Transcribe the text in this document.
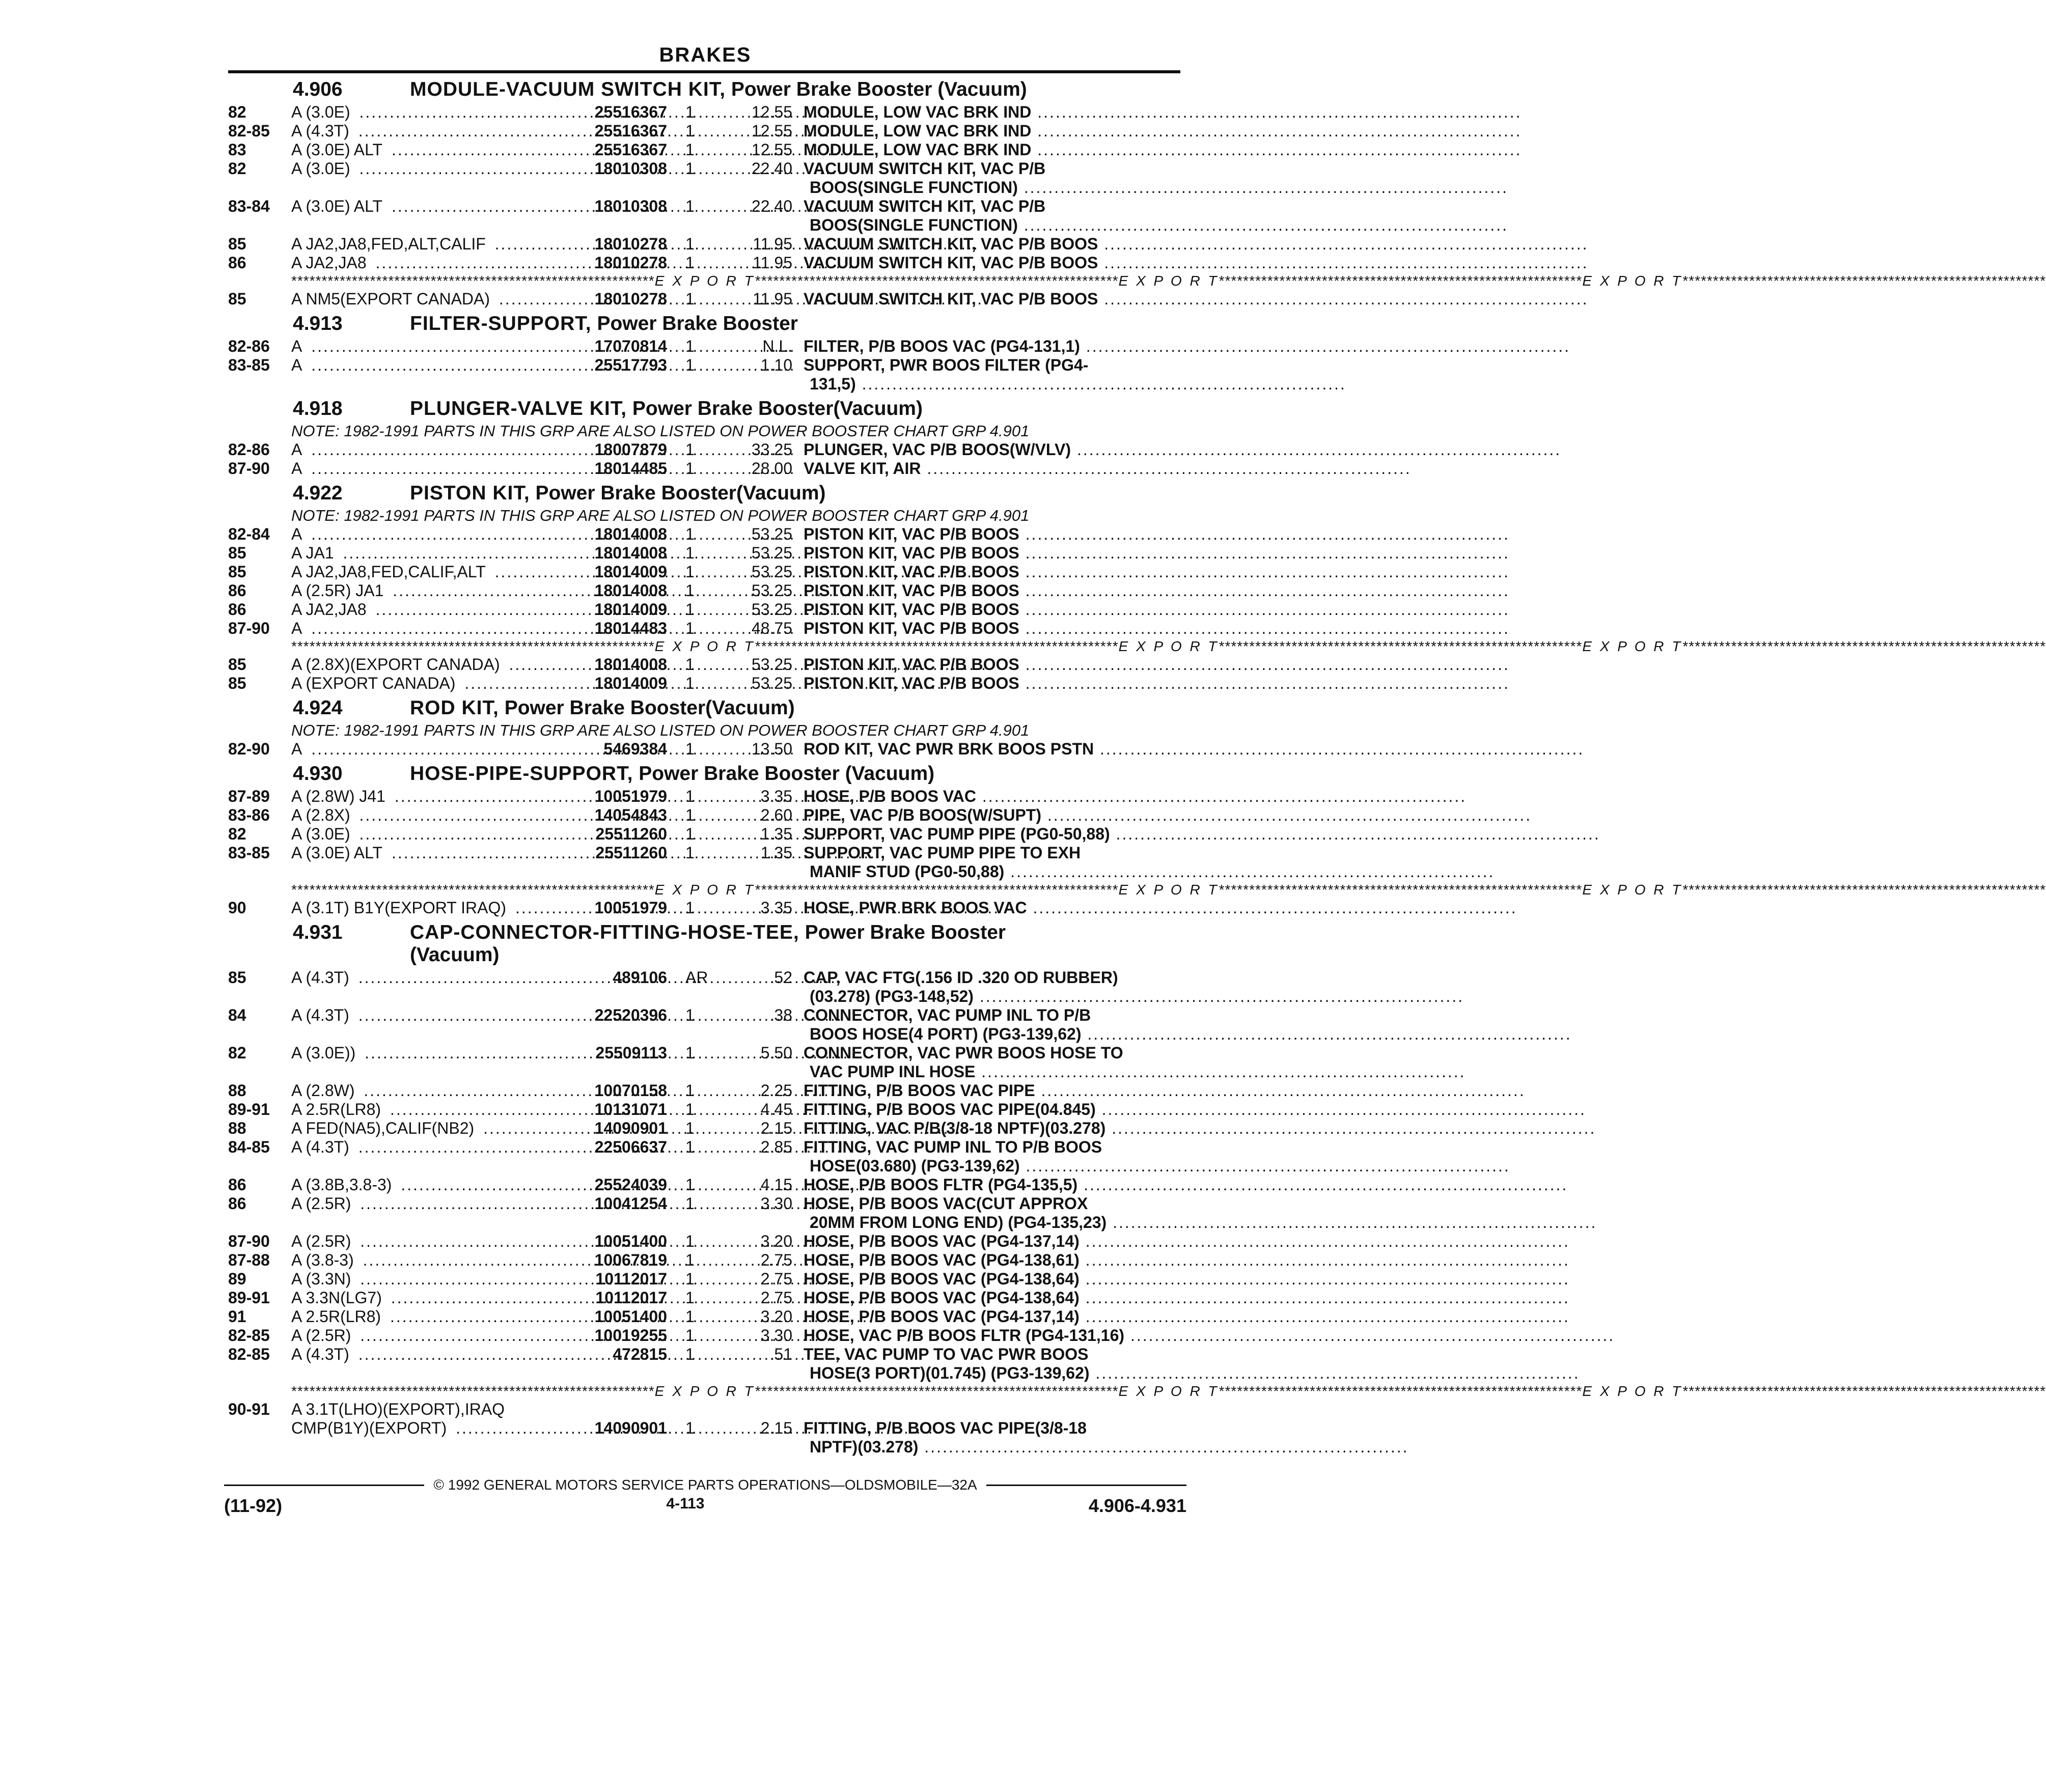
BRAKES
4.906	MODULE-VACUUM SWITCH KIT, Power Brake Booster (Vacuum)
82	A (3.0E) .....	25516367	1	12.55 MODULE, LOW VAC BRK IND .....
82-85	A (4.3T) .....	25516367	1	12.55 MODULE, LOW VAC BRK IND .....
83	A (3.0E) ALT .....	25516367	1	12.55 MODULE, LOW VAC BRK IND .....
82	A (3.0E) .....	18010308	1	22.40 VACUUM SWITCH KIT, VAC P/B
BOOS(SINGLE FUNCTION) .....
83-84	A (3.0E) ALT .....	18010308	1	22.40 VACUUM SWITCH KIT, VAC P/B
BOOS(SINGLE FUNCTION) .....
85	A JA2,JA8,FED,ALT,CALIF .....	18010278	1	11.95 VACUUM SWITCH KIT, VAC P/B BOOS .....
86	A JA2,JA8 .....	18010278	1	11.95 VACUUM SWITCH KIT, VAC P/B BOOS .....
************************************************************ E X P O R T ************************************************************ E X P O R T ************************************************************ E X P O R T ************************************************************
85	A NM5(EXPORT CANADA) .....	18010278	1	11.95 VACUUM SWITCH KIT, VAC P/B BOOS .....
4.913	FILTER-SUPPORT, Power Brake Booster
82-86	A .....	17070814	1	N.L. FILTER, P/B BOOS VAC (PG4-131,1) .....
83-85	A .....	25517793	1	1.10 SUPPORT, PWR BOOS FILTER (PG4-
131,5) .....
4.918	PLUNGER-VALVE KIT, Power Brake Booster(Vacuum)
NOTE: 1982-1991 PARTS IN THIS GRP ARE ALSO LISTED ON POWER BOOSTER CHART GRP 4.901
82-86	A .....	18007879	1	33.25 PLUNGER, VAC P/B BOOS(W/VLV) .....
87-90	A .....	18014485	1	28.00 VALVE KIT, AIR .....
4.922	PISTON KIT, Power Brake Booster(Vacuum)
NOTE: 1982-1991 PARTS IN THIS GRP ARE ALSO LISTED ON POWER BOOSTER CHART GRP 4.901
82-84	A .....	18014008	1	53.25 PISTON KIT, VAC P/B BOOS .....
85	A JA1 .....	18014008	1	53.25 PISTON KIT, VAC P/B BOOS .....
85	A JA2,JA8,FED,CALIF,ALT .....	18014009	1	53.25 PISTON KIT, VAC P/B BOOS .....
86	A (2.5R) JA1 .....	18014008	1	53.25 PISTON KIT, VAC P/B BOOS .....
86	A JA2,JA8 .....	18014009	1	53.25 PISTON KIT, VAC P/B BOOS .....
87-90	A .....	18014483	1	48.75 PISTON KIT, VAC P/B BOOS .....
************************************************************ E X P O R T ************************************************************ E X P O R T ************************************************************ E X P O R T ************************************************************
85	A (2.8X)(EXPORT CANADA) .....	18014008	1	53.25 PISTON KIT, VAC P/B BOOS .....
85	A (EXPORT CANADA) .....	18014009	1	53.25 PISTON KIT, VAC P/B BOOS .....
4.924	ROD KIT, Power Brake Booster(Vacuum)
NOTE: 1982-1991 PARTS IN THIS GRP ARE ALSO LISTED ON POWER BOOSTER CHART GRP 4.901
82-90	A .....	5469384	1	13.50 ROD KIT, VAC PWR BRK BOOS PSTN .....
4.930	HOSE-PIPE-SUPPORT, Power Brake Booster (Vacuum)
87-89	A (2.8W) J41 .....	10051979	1	3.35 HOSE, P/B BOOS VAC .....
83-86	A (2.8X) .....	14054843	1	2.60 PIPE, VAC P/B BOOS(W/SUPT) .....
82	A (3.0E) .....	25511260	1	1.35 SUPPORT, VAC PUMP PIPE (PG0-50,88) .....
83-85	A (3.0E) ALT .....	25511260	1	1.35 SUPPORT, VAC PUMP PIPE TO EXH
MANIF STUD (PG0-50,88) .....
************************************************************ E X P O R T ************************************************************ E X P O R T ************************************************************ E X P O R T ************************************************************
90	A (3.1T) B1Y(EXPORT IRAQ) .....	10051979	1	3.35 HOSE, PWR BRK BOOS VAC .....
4.931	CAP-CONNECTOR-FITTING-HOSE-TEE, Power Brake Booster
(Vacuum)
85	A (4.3T) .....	489106	AR	.52 CAP, VAC FTG(.156 ID .320 OD RUBBER)
(03.278) (PG3-148,52) .....
84	A (4.3T) .....	22520396	1	.38 CONNECTOR, VAC PUMP INL TO P/B
BOOS HOSE(4 PORT) (PG3-139,62) .....
82	A (3.0E)) .....	25509113	1	5.50 CONNECTOR, VAC PWR BOOS HOSE TO
VAC PUMP INL HOSE .....
88	A (2.8W) .....	10070158	1	2.25 FITTING, P/B BOOS VAC PIPE .....
89-91	A 2.5R(LR8) .....	10131071	1	4.45 FITTING, P/B BOOS VAC PIPE(04.845) .....
88	A FED(NA5),CALIF(NB2) .....	14090901	1	2.15 FITTING, VAC P/B(3/8-18 NPTF)(03.278) .....
84-85	A (4.3T) .....	22506637	1	2.85 FITTING, VAC PUMP INL TO P/B BOOS
HOSE(03.680) (PG3-139,62) .....
86	A (3.8B,3.8-3) .....	25524039	1	4.15 HOSE, P/B BOOS FLTR (PG4-135,5) .....
86	A (2.5R) .....	10041254	1	3.30 HOSE, P/B BOOS VAC(CUT APPROX
20MM FROM LONG END) (PG4-135,23) .....
87-90	A (2.5R) .....	10051400	1	3.20 HOSE, P/B BOOS VAC (PG4-137,14) .....
87-88	A (3.8-3) .....	10067819	1	2.75 HOSE, P/B BOOS VAC (PG4-138,61) .....
89	A (3.3N) .....	10112017	1	2.75 HOSE, P/B BOOS VAC (PG4-138,64) .....
89-91	A 3.3N(LG7) .....	10112017	1	2.75 HOSE, P/B BOOS VAC (PG4-138,64) .....
91	A 2.5R(LR8) .....	10051400	1	3.20 HOSE, P/B BOOS VAC (PG4-137,14) .....
82-85	A (2.5R) .....	10019255	1	3.30 HOSE, VAC P/B BOOS FLTR (PG4-131,16) .....
82-85	A (4.3T) .....	472815	1	.51 TEE, VAC PUMP TO VAC PWR BOOS
HOSE(3 PORT)(01.745) (PG3-139,62) .....
************************************************************ E X P O R T ************************************************************ E X P O R T ************************************************************ E X P O R T ************************************************************
90-91	A 3.1T(LHO)(EXPORT),IRAQ
CMP(B1Y)(EXPORT) .....	14090901	1	2.15 FITTING, P/B BOOS VAC PIPE(3/8-18
NPTF)(03.278) .....
© 1992 GENERAL MOTORS SERVICE PARTS OPERATIONS—OLDSMOBILE—32A
(11-92)	4-113	4.906-4.931
